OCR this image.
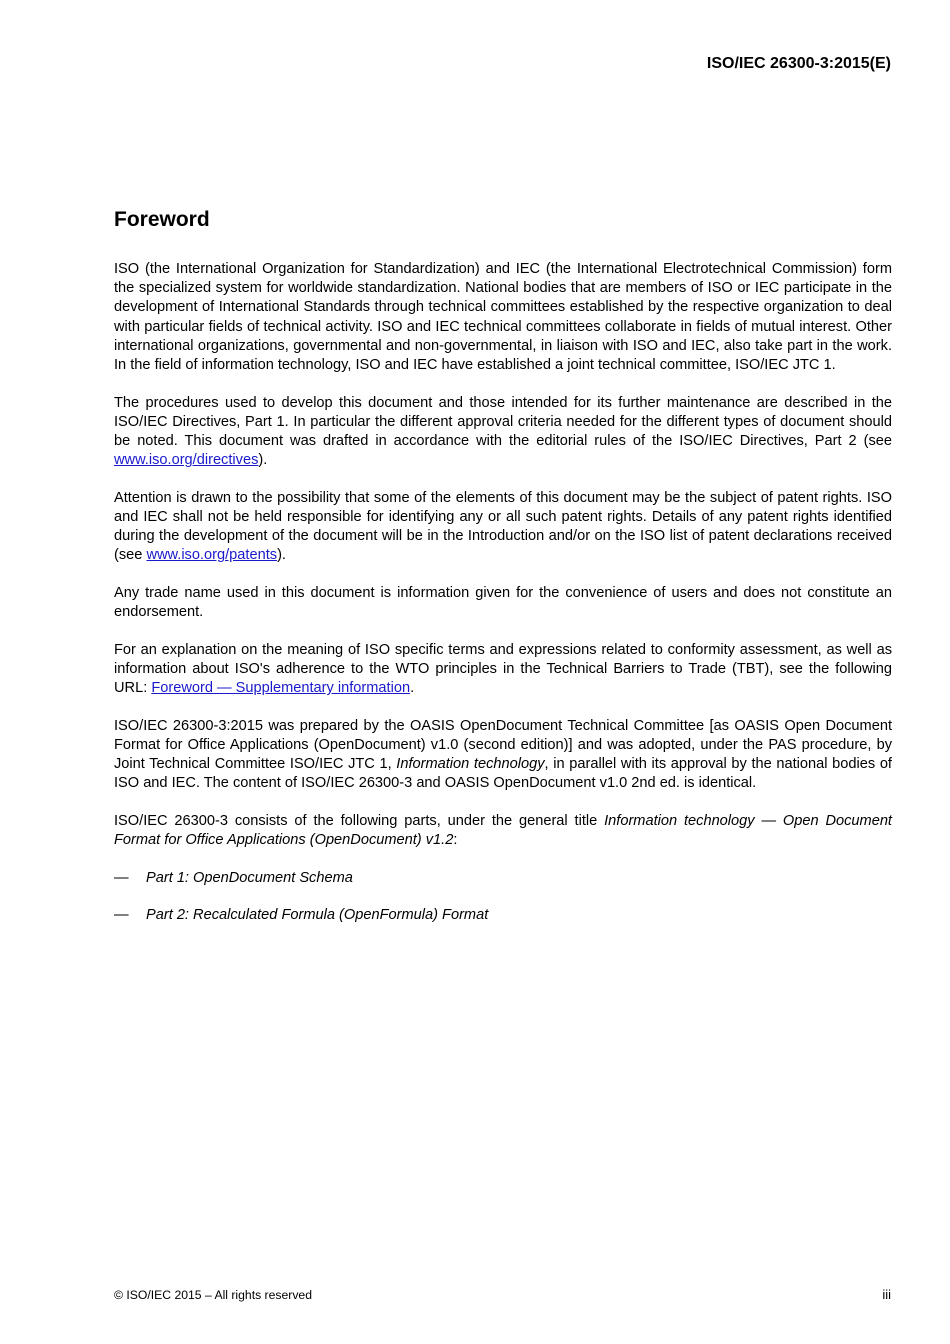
ISO/IEC 26300-3:2015(E)
Foreword

ISO (the International Organization for Standardization) and IEC (the International Electrotechnical Commission) form the specialized system for worldwide standardization. National bodies that are members of ISO or IEC participate in the development of International Standards through technical committees established by the respective organization to deal with particular fields of technical activity. ISO and IEC technical committees collaborate in fields of mutual interest. Other international organizations, governmental and non-governmental, in liaison with ISO and IEC, also take part in the work. In the field of information technology, ISO and IEC have established a joint technical committee, ISO/IEC JTC 1.

The procedures used to develop this document and those intended for its further maintenance are described in the ISO/IEC Directives, Part 1. In particular the different approval criteria needed for the different types of document should be noted. This document was drafted in accordance with the editorial rules of the ISO/IEC Directives, Part 2 (see www.iso.org/directives).

Attention is drawn to the possibility that some of the elements of this document may be the subject of patent rights. ISO and IEC shall not be held responsible for identifying any or all such patent rights. Details of any patent rights identified during the development of the document will be in the Introduction and/or on the ISO list of patent declarations received (see www.iso.org/patents).

Any trade name used in this document is information given for the convenience of users and does not constitute an endorsement.

For an explanation on the meaning of ISO specific terms and expressions related to conformity assessment, as well as information about ISO's adherence to the WTO principles in the Technical Barriers to Trade (TBT), see the following URL: Foreword — Supplementary information.

ISO/IEC 26300-3:2015 was prepared by the OASIS OpenDocument Technical Committee [as OASIS Open Document Format for Office Applications (OpenDocument) v1.0 (second edition)] and was adopted, under the PAS procedure, by Joint Technical Committee ISO/IEC JTC 1, Information technology, in parallel with its approval by the national bodies of ISO and IEC. The content of ISO/IEC 26300-3 and OASIS OpenDocument v1.0 2nd ed. is identical.

ISO/IEC 26300-3 consists of the following parts, under the general title Information technology — Open Document Format for Office Applications (OpenDocument) v1.2:

—	Part 1: OpenDocument Schema
—	Part 2: Recalculated Formula (OpenFormula) Format
© ISO/IEC 2015 – All rights reserved	iii
